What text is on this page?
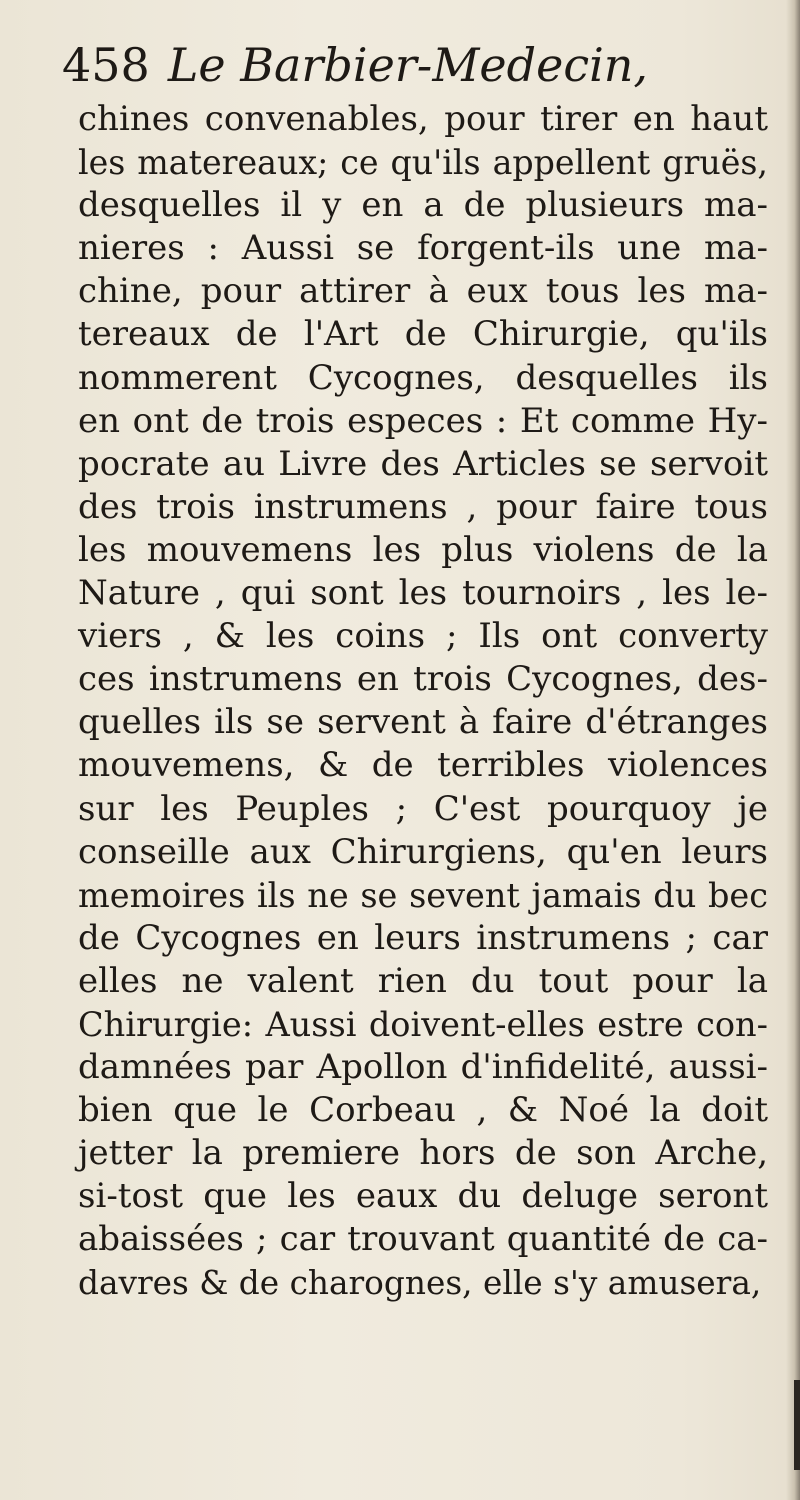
458 Le Barbier-Medecin,
chines convenables, pour tirer en haut
les matereaux; ce qu'ils appellent gruës,
desquelles il y en a de plusieurs ma-
nieres : Aussi se forgent-ils une ma-
chine, pour attirer à eux tous les ma-
tereaux de l'Art de Chirurgie, qu'ils
nommerent Cycognes, desquelles ils
en ont de trois especes : Et comme Hy-
pocrate au Livre des Articles se servoit
des trois instrumens , pour faire tous
les mouvemens les plus violens de la
Nature , qui sont les tournoirs , les le-
viers , & les coins ; Ils ont converty
ces instrumens en trois Cycognes, des-
quelles ils se servent à faire d'étranges
mouvemens, & de terribles violences
sur les Peuples ; C'est pourquoy je
conseille aux Chirurgiens, qu'en leurs
memoires ils ne se sevent jamais du bec
de Cycognes en leurs instrumens ; car
elles ne valent rien du tout pour la
Chirurgie: Aussi doivent-elles estre con-
damnées par Apollon d'infidelité, aussi-
bien que le Corbeau , & Noé la doit
jetter la premiere hors de son Arche,
si-tost que les eaux du deluge seront
abaissées ; car trouvant quantité de ca-
davres & de charognes, elle s'y amusera,
